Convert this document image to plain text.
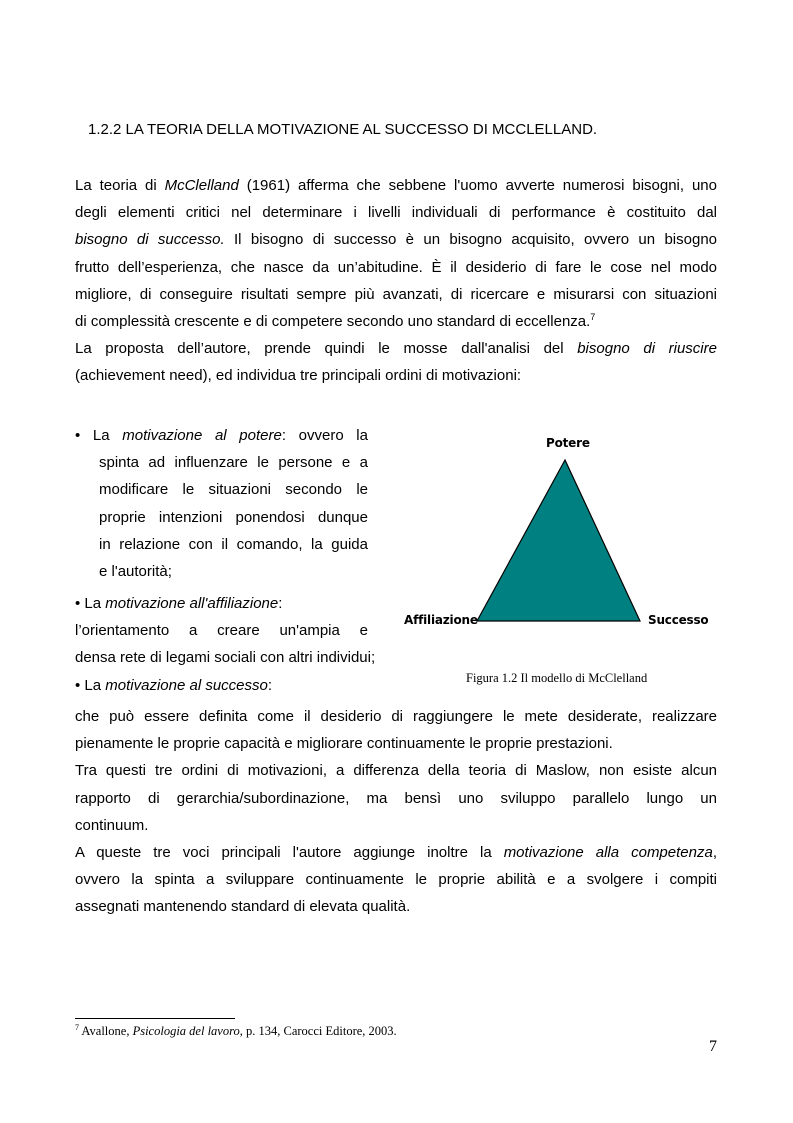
1.2.2 LA TEORIA DELLA MOTIVAZIONE AL SUCCESSO DI MCCLELLAND.
La teoria di McClelland (1961) afferma che sebbene l'uomo avverte numerosi bisogni, uno
degli elementi critici nel determinare i livelli individuali di performance è costituito dal
bisogno di successo. Il bisogno di successo è un bisogno acquisito, ovvero un bisogno
frutto dell’esperienza, che nasce da un’abitudine. È il desiderio di fare le cose nel modo
migliore, di conseguire risultati sempre più avanzati, di ricercare e misurarsi con situazioni
di complessità crescente e di competere secondo uno standard di eccellenza.$^7$
La proposta dell’autore, prende quindi le mosse dall'analisi del bisogno di riuscire
(achievement need), ed individua tre principali ordini di motivazioni:
• La motivazione al potere: ovvero la
spinta ad influenzare le persone e a
modificare le situazioni secondo le
proprie intenzioni ponendosi dunque
in relazione con il comando, la guida
e l'autorità;
• La motivazione all'affiliazione:
l’orientamento a creare un'ampia e
densa rete di legami sociali con altri individui;
• La motivazione al successo:
Potere
Affiliazione	Successo
Figura 1.2 Il modello di McClelland
che può essere definita come il desiderio di raggiungere le mete desiderate, realizzare
pienamente le proprie capacità e migliorare continuamente le proprie prestazioni.
Tra questi tre ordini di motivazioni, a differenza della teoria di Maslow, non esiste alcun
rapporto di gerarchia/subordinazione, ma bensì uno sviluppo parallelo lungo un
continuum.
A queste tre voci principali l'autore aggiunge inoltre la motivazione alla competenza,
ovvero la spinta a sviluppare continuamente le proprie abilità e a svolgere i compiti
assegnati mantenendo standard di elevata qualità.
$^7$ Avallone, Psicologia del lavoro, p. 134, Carocci Editore, 2003.
7
